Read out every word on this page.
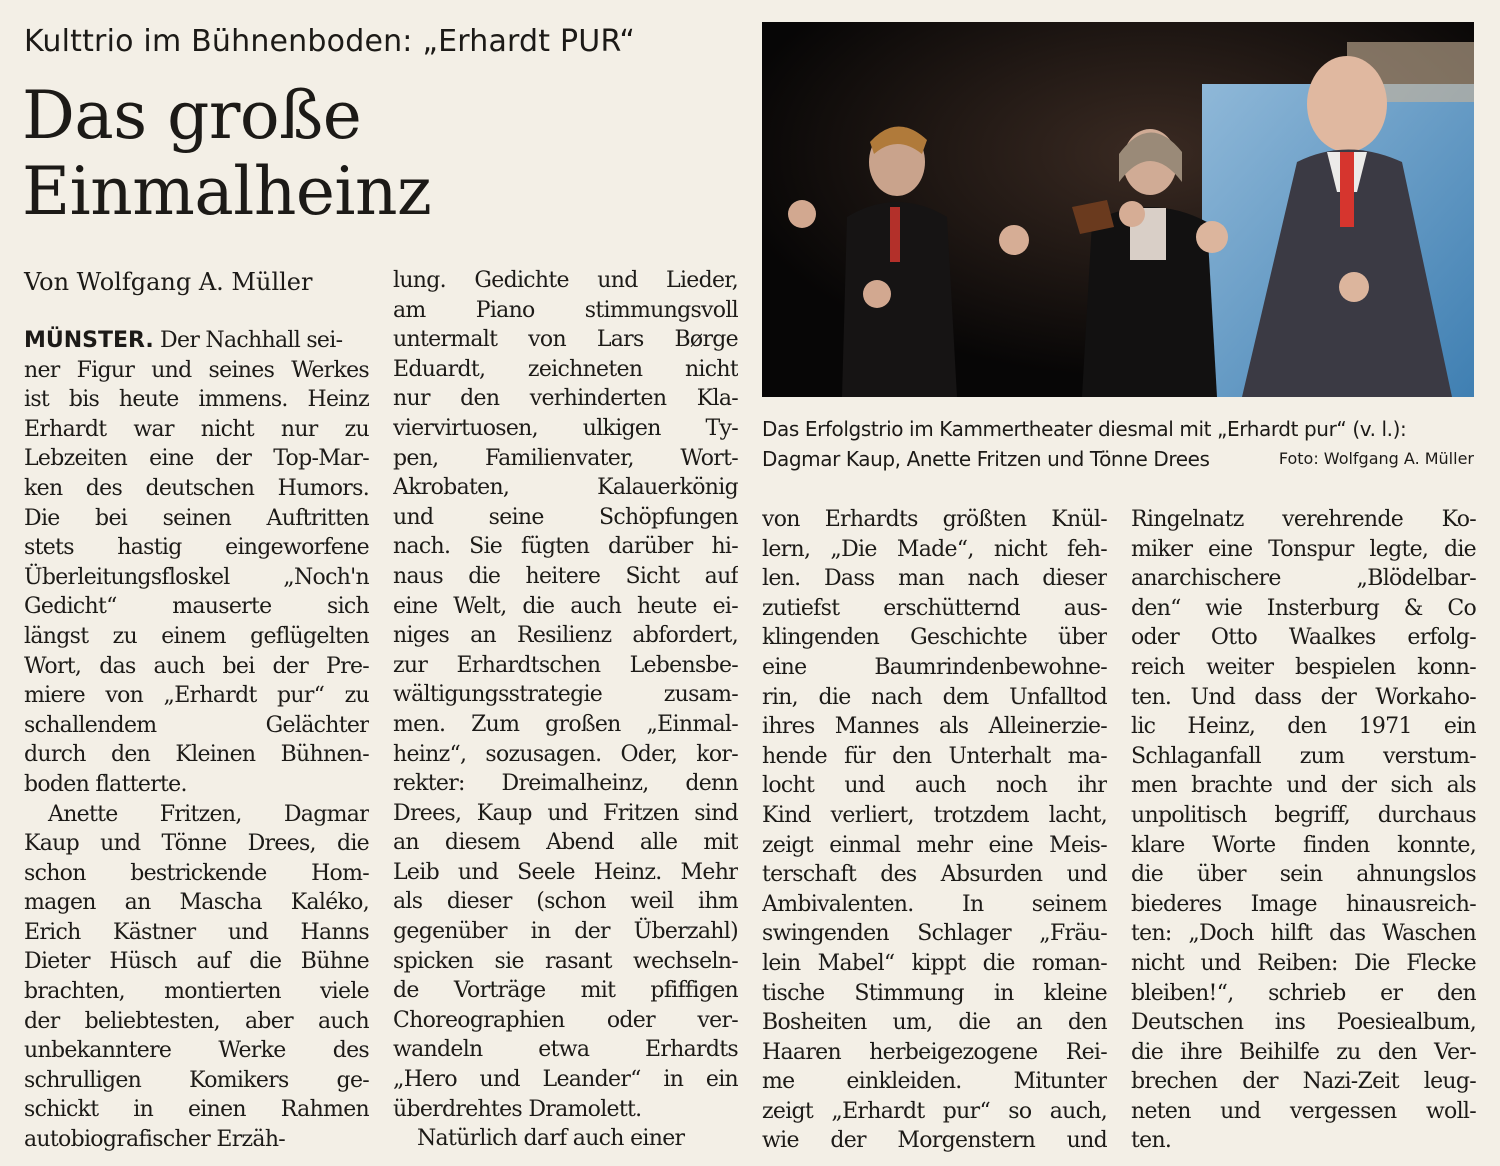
Kulttrio im Bühnenboden: „Erhardt PUR“
Das große
Einmalheinz
Von Wolfgang A. Müller
Das Erfolgstrio im Kammertheater diesmal mit „Erhardt pur“ (v. l.):
Dagmar Kaup, Anette Fritzen und Tönne Drees	Foto: Wolfgang A. Müller
MÜNSTER. Der Nachhall sei-
ner Figur und seines Werkes
ist bis heute immens. Heinz
Erhardt war nicht nur zu
Lebzeiten eine der Top-Mar-
ken des deutschen Humors.
Die bei seinen Auftritten
stets hastig eingeworfene
Überleitungsfloskel „Noch'n
Gedicht“ mauserte sich
längst zu einem geflügelten
Wort, das auch bei der Pre-
miere von „Erhardt pur“ zu
schallendem Gelächter
durch den Kleinen Bühnen-
boden flatterte.
Anette Fritzen, Dagmar
Kaup und Tönne Drees, die
schon bestrickende Hom-
magen an Mascha Kaléko,
Erich Kästner und Hanns
Dieter Hüsch auf die Bühne
brachten, montierten viele
der beliebtesten, aber auch
unbekanntere Werke des
schrulligen Komikers ge-
schickt in einen Rahmen
autobiografischer Erzäh-
lung. Gedichte und Lieder,
am Piano stimmungsvoll
untermalt von Lars Børge
Eduardt, zeichneten nicht
nur den verhinderten Kla-
viervirtuosen, ulkigen Ty-
pen, Familienvater, Wort-
Akrobaten, Kalauerkönig
und seine Schöpfungen
nach. Sie fügten darüber hi-
naus die heitere Sicht auf
eine Welt, die auch heute ei-
niges an Resilienz abfordert,
zur Erhardtschen Lebensbe-
wältigungsstrategie zusam-
men. Zum großen „Einmal-
heinz“, sozusagen. Oder, kor-
rekter: Dreimalheinz, denn
Drees, Kaup und Fritzen sind
an diesem Abend alle mit
Leib und Seele Heinz. Mehr
als dieser (schon weil ihm
gegenüber in der Überzahl)
spicken sie rasant wechseln-
de Vorträge mit pfiffigen
Choreographien oder ver-
wandeln etwa Erhardts
„Hero und Leander“ in ein
überdrehtes Dramolett.
Natürlich darf auch einer
von Erhardts größten Knül-
lern, „Die Made“, nicht feh-
len. Dass man nach dieser
zutiefst erschütternd aus-
klingenden Geschichte über
eine Baumrindenbewohne-
rin, die nach dem Unfalltod
ihres Mannes als Alleinerzie-
hende für den Unterhalt ma-
locht und auch noch ihr
Kind verliert, trotzdem lacht,
zeigt einmal mehr eine Meis-
terschaft des Absurden und
Ambivalenten. In seinem
swingenden Schlager „Fräu-
lein Mabel“ kippt die roman-
tische Stimmung in kleine
Bosheiten um, die an den
Haaren herbeigezogene Rei-
me einkleiden. Mitunter
zeigt „Erhardt pur“ so auch,
wie der Morgenstern und
Ringelnatz verehrende Ko-
miker eine Tonspur legte, die
anarchischere „Blödelbar-
den“ wie Insterburg & Co
oder Otto Waalkes erfolg-
reich weiter bespielen konn-
ten. Und dass der Workaho-
lic Heinz, den 1971 ein
Schlaganfall zum verstum-
men brachte und der sich als
unpolitisch begriff, durchaus
klare Worte finden konnte,
die über sein ahnungslos
biederes Image hinausreich-
ten: „Doch hilft das Waschen
nicht und Reiben: Die Flecke
bleiben!“, schrieb er den
Deutschen ins Poesiealbum,
die ihre Beihilfe zu den Ver-
brechen der Nazi-Zeit leug-
neten und vergessen woll-
ten.
